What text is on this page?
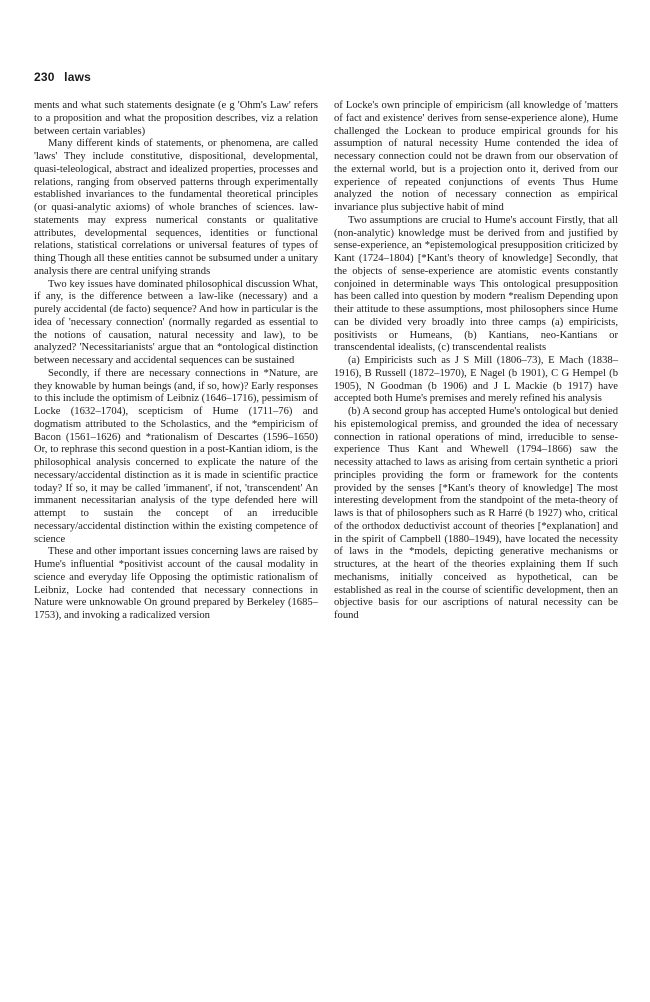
230 laws

ments and what such statements designate (e g 'Ohm's Law' refers to a proposition and what the proposition describes, viz a relation between certain variables)

Many different kinds of statements, or phenomena, are called 'laws' They include constitutive, dispositional, developmental, quasi-teleological, abstract and idealized properties, processes and relations, ranging from observed patterns through experimentally established invariances to the fundamental theoretical principles (or quasi-analytic axioms) of whole branches of sciences. law-statements may express numerical constants or qualitative attributes, developmental sequences, identities or functional relations, statistical correlations or universal features of types of thing Though all these entities cannot be subsumed under a unitary analysis there are central unifying strands

Two key issues have dominated philosophical discussion What, if any, is the difference between a law-like (necessary) and a purely accidental (de facto) sequence? And how in particular is the idea of 'necessary connection' (normally regarded as essential to the notions of causation, natural necessity and law), to be analyzed? 'Necessitarianists' argue that an *ontological distinction between necessary and accidental sequences can be sustained

Secondly, if there are necessary connections in *Nature, are they knowable by human beings (and, if so, how)? Early responses to this include the optimism of Leibniz (1646–1716), pessimism of Locke (1632–1704), scepticism of Hume (1711–76) and dogmatism attributed to the Scholastics, and the *empiricism of Bacon (1561–1626) and *rationalism of Descartes (1596–1650) Or, to rephrase this second question in a post-Kantian idiom, is the philosophical analysis concerned to explicate the nature of the necessary/accidental distinction as it is made in scientific practice today? If so, it may be called 'immanent', if not, 'transcendent' An immanent necessitarian analysis of the type defended here will attempt to sustain the concept of an irreducible necessary/accidental distinction within the existing competence of science

These and other important issues concerning laws are raised by Hume's influential *positivist account of the causal modality in science and everyday life Opposing the optimistic rationalism of Leibniz, Locke had contended that necessary connections in Nature were unknowable On ground prepared by Berkeley (1685–1753), and invoking a radicalized version

of Locke's own principle of empiricism (all knowledge of 'matters of fact and existence' derives from sense-experience alone), Hume challenged the Lockean to produce empirical grounds for his assumption of natural necessity Hume contended the idea of necessary connection could not be drawn from our observation of the external world, but is a projection onto it, derived from our experience of repeated conjunctions of events Thus Hume analyzed the notion of necessary connection as empirical invariance plus subjective habit of mind

Two assumptions are crucial to Hume's account Firstly, that all (non-analytic) knowledge must be derived from and justified by sense-experience, an *epistemological presupposition criticized by Kant (1724–1804) [*Kant's theory of knowledge] Secondly, that the objects of sense-experience are atomistic events constantly conjoined in determinable ways This ontological presupposition has been called into question by modern *realism Depending upon their attitude to these assumptions, most philosophers since Hume can be divided very broadly into three camps (a) empiricists, positivists or Humeans, (b) Kantians, neo-Kantians or transcendental idealists, (c) transcendental realists

(a) Empiricists such as J S Mill (1806–73), E Mach (1838–1916), B Russell (1872–1970), E Nagel (b 1901), C G Hempel (b 1905), N Goodman (b 1906) and J L Mackie (b 1917) have accepted both Hume's premises and merely refined his analysis

(b) A second group has accepted Hume's ontological but denied his epistemological premiss, and grounded the idea of necessary connection in rational operations of mind, irreducible to sense-experience Thus Kant and Whewell (1794–1866) saw the necessity attached to laws as arising from certain synthetic a priori principles providing the form or framework for the contents provided by the senses [*Kant's theory of knowledge] The most interesting development from the standpoint of the meta-theory of laws is that of philosophers such as R Harré (b 1927) who, critical of the orthodox deductivist account of theories [*explanation] and in the spirit of Campbell (1880–1949), have located the necessity of laws in the *models, depicting generative mechanisms or structures, at the heart of the theories explaining them If such mechanisms, initially conceived as hypothetical, can be established as real in the course of scientific development, then an objective basis for our ascriptions of natural necessity can be found
